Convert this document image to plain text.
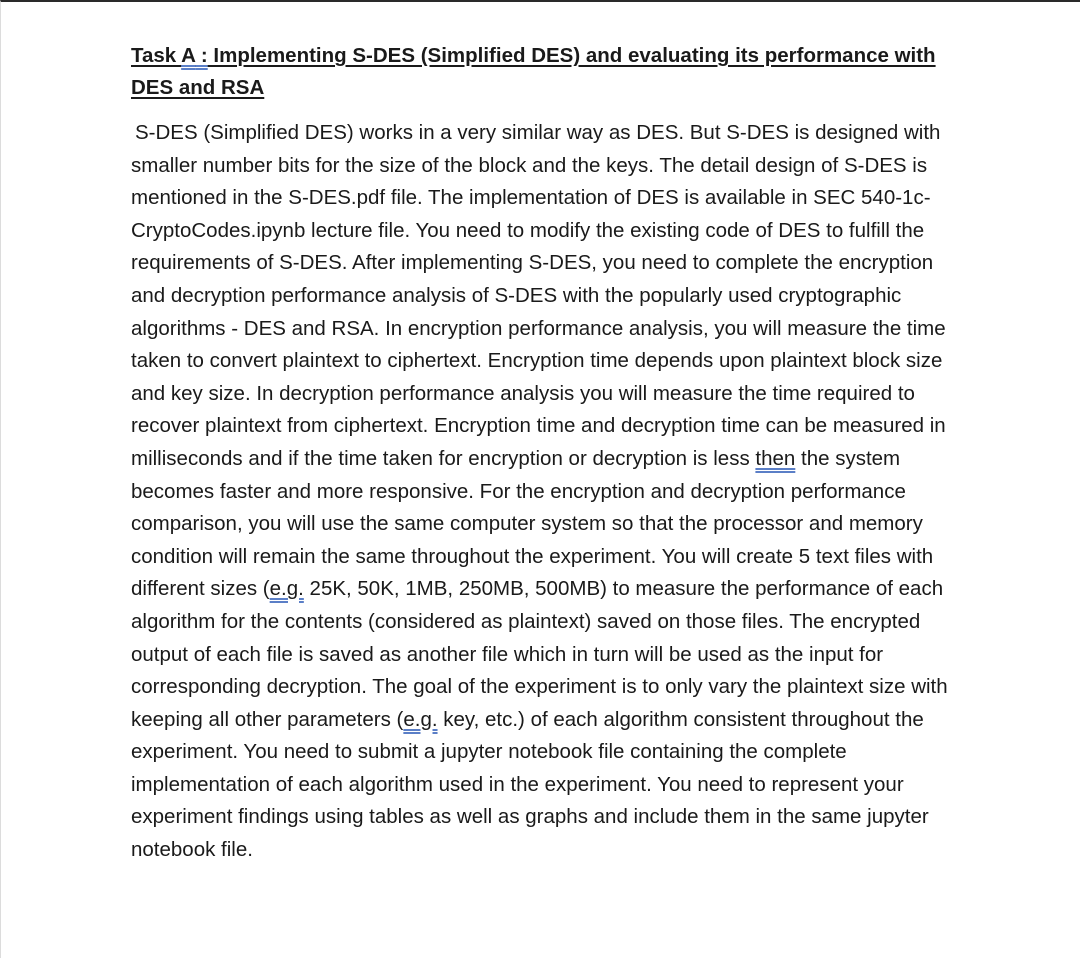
Task A : Implementing S-DES (Simplified DES) and evaluating its performance with DES and RSA

S-DES (Simplified DES) works in a very similar way as DES. But S-DES is designed with smaller number bits for the size of the block and the keys. The detail design of S-DES is mentioned in the S-DES.pdf file. The implementation of DES is available in SEC 540-1c-CryptoCodes.ipynb lecture file. You need to modify the existing code of DES to fulfill the requirements of S-DES. After implementing S-DES, you need to complete the encryption and decryption performance analysis of S-DES with the popularly used cryptographic algorithms - DES and RSA. In encryption performance analysis, you will measure the time taken to convert plaintext to ciphertext. Encryption time depends upon plaintext block size and key size. In decryption performance analysis you will measure the time required to recover plaintext from ciphertext. Encryption time and decryption time can be measured in milliseconds and if the time taken for encryption or decryption is less then the system becomes faster and more responsive. For the encryption and decryption performance comparison, you will use the same computer system so that the processor and memory condition will remain the same throughout the experiment. You will create 5 text files with different sizes (e.g. 25K, 50K, 1MB, 250MB, 500MB) to measure the performance of each algorithm for the contents (considered as plaintext) saved on those files. The encrypted output of each file is saved as another file which in turn will be used as the input for corresponding decryption. The goal of the experiment is to only vary the plaintext size with keeping all other parameters (e.g. key, etc.) of each algorithm consistent throughout the experiment. You need to submit a jupyter notebook file containing the complete implementation of each algorithm used in the experiment. You need to represent your experiment findings using tables as well as graphs and include them in the same jupyter notebook file.
